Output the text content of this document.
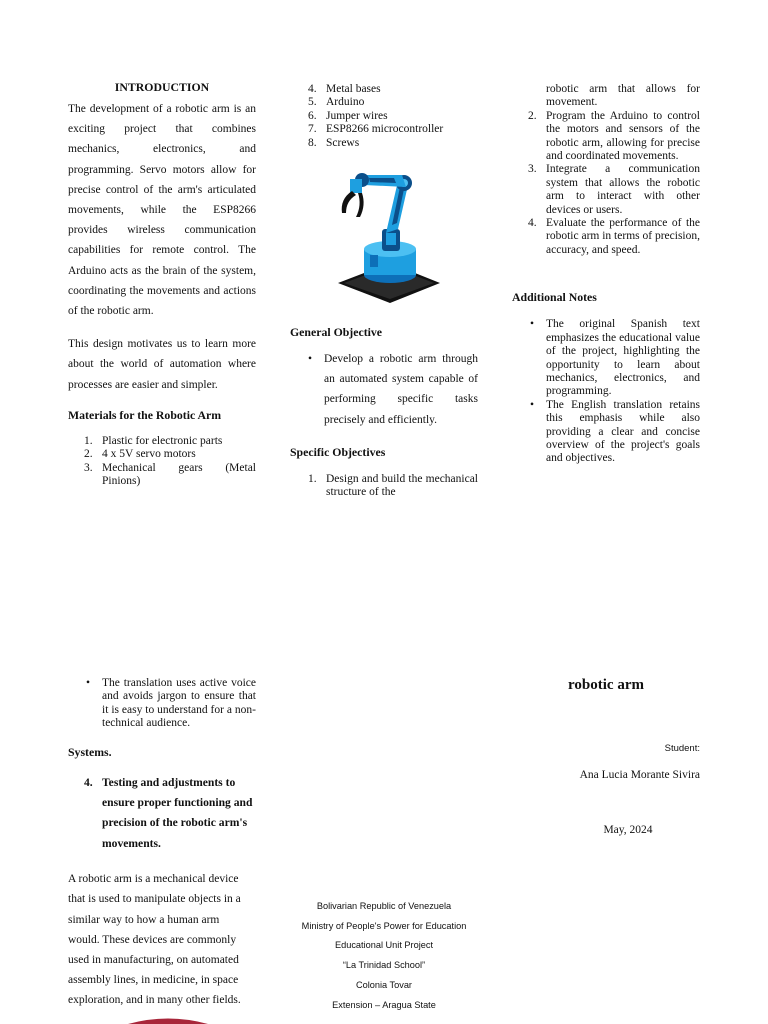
INTRODUCTION

The development of a robotic arm is an exciting project that combines mechanics, electronics, and programming. Servo motors allow for precise control of the arm's articulated movements, while the ESP8266 provides wireless communication capabilities for remote control. The Arduino acts as the brain of the system, coordinating the movements and actions of the robotic arm.

This design motivates us to learn more about the world of automation where processes are easier and simpler.

Materials for the Robotic Arm
1. Plastic for electronic parts
2. 4 x 5V servo motors
3. Mechanical gears (Metal Pinions)
4. Metal bases
5. Arduino
6. Jumper wires
7. ESP8266 microcontroller
8. Screws
General Objective
• Develop a robotic arm through an automated system capable of performing specific tasks precisely and efficiently.
Specific Objectives
1. Design and build the mechanical structure of the
robotic arm that allows for movement.
2. Program the Arduino to control the motors and sensors of the robotic arm, allowing for precise and coordinated movements.
3. Integrate a communication system that allows the robotic arm to interact with other devices or users.
4. Evaluate the performance of the robotic arm in terms of precision, accuracy, and speed.
Additional Notes
• The original Spanish text emphasizes the educational value of the project, highlighting the opportunity to learn about mechanics, electronics, and programming.
• The English translation retains this emphasis while also providing a clear and concise overview of the project's goals and objectives.
• The translation uses active voice and avoids jargon to ensure that it is easy to understand for a non-technical audience.
Systems.
4. Testing and adjustments to ensure proper functioning and precision of the robotic arm's movements.

A robotic arm is a mechanical device that is used to manipulate objects in a similar way to how a human arm would. These devices are commonly used in manufacturing, on automated assembly lines, in medicine, in space exploration, and in many other fields.

Bolivarian Republic of Venezuela
Ministry of People's Power for Education
Educational Unit Project
“La Trinidad School”
Colonia Tovar
Extension – Aragua State
robotic arm
Student:
Ana Lucia Morante Sivira
May, 2024
